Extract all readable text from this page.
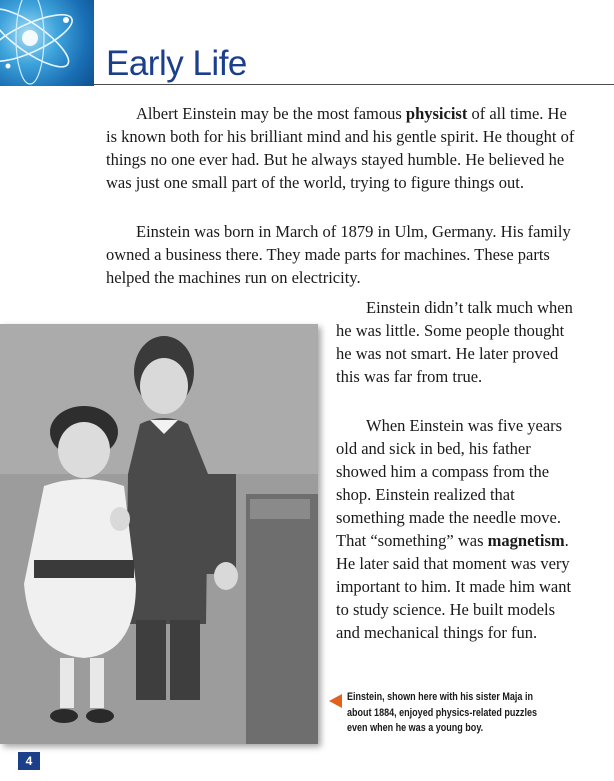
Early Life

Albert Einstein may be the most famous physicist of all time. He is known both for his brilliant mind and his gentle spirit. He thought of things no one ever had. But he always stayed humble. He believed he was just one small part of the world, trying to figure things out.

Einstein was born in March of 1879 in Ulm, Germany. His family owned a business there. They made parts for machines. These parts helped the machines run on electricity.

Einstein didn’t talk much when he was little. Some people thought he was not smart. He later proved this was far from true.

When Einstein was five years old and sick in bed, his father showed him a compass from the shop. Einstein realized that something made the needle move. That “something” was magnetism. He later said that moment was very important to him. It made him want to study science. He built models and mechanical things for fun.

Einstein, shown here with his sister Maja in about 1884, enjoyed physics-related puzzles even when he was a young boy.

4
